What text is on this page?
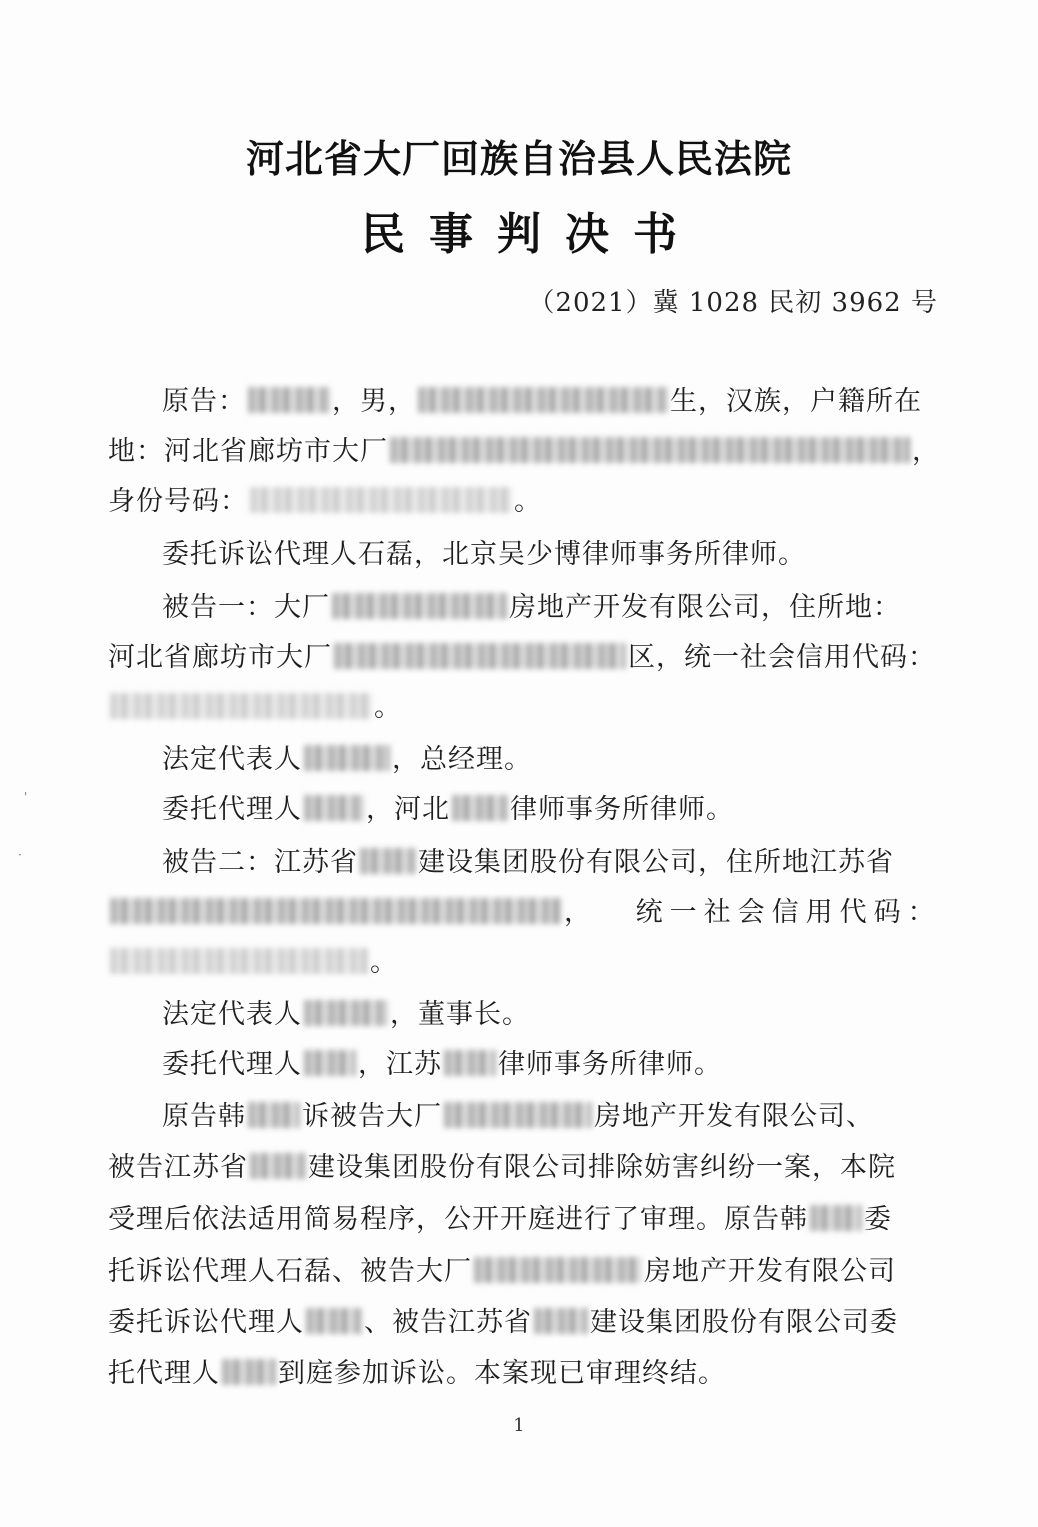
河北省大厂回族自治县人民法院
民事判决书
（2021）冀 1028 民初 3962 号
原告：	，男，	生，汉族，户籍所在
地：河北省廊坊市大厂	，
身份号码：	。
委托诉讼代理人石磊，北京吴少博律师事务所律师。
被告一：大厂	房地产开发有限公司，住所地：
河北省廊坊市大厂	区，统一社会信用代码：
。
法定代表人	，总经理。
委托代理人 ，河北 律师事务所律师。
被告二：江苏省 建设集团股份有限公司，住所地江苏省
， 统 一 社 会 信 用 代 码 ：
。
法定代表人	，董事长。
委托代理人 ，江苏 律师事务所律师。
原告韩 诉被告大厂	房地产开发有限公司、
被告江苏省 建设集团股份有限公司排除妨害纠纷一案，本院
受理后依法适用简易程序，公开开庭进行了审理。原告韩 委
托诉讼代理人石磊、被告大厂	房地产开发有限公司
委托诉讼代理人 、被告江苏省 建设集团股份有限公司委
托代理人 到庭参加诉讼。本案现已审理终结。
1
'
·
